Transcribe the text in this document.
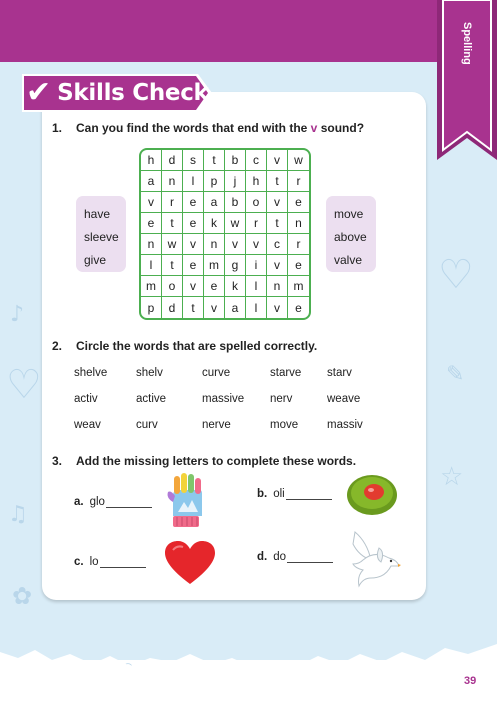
♡
♪
☆
♡
♫
✎
✿
Spelling
✔ Skills Check
1.	Can you find the words that end with the v sound?
h	d	s	t	b	c	v	w
a	n	l	p	j	h	t	r
v	r	e	a	b	o	v	e
e	t	e	k	w	r	t	n
n	w	v	n	v	v	c	r
l	t	e	m	g	i	v	e
m	o	v	e	k	l	n	m
p	d	t	v	a	l	v	e
have
sleeve
give
move
above
valve
2.	Circle the words that are spelled correctly.
shelve	shelv	curve	starve	starv
activ	active	massive	nerv	weave
weav	curv	nerve	move	massiv
3.	Add the missing letters to complete these words.
a. glo
b. oli
c. lo	d. do
39
